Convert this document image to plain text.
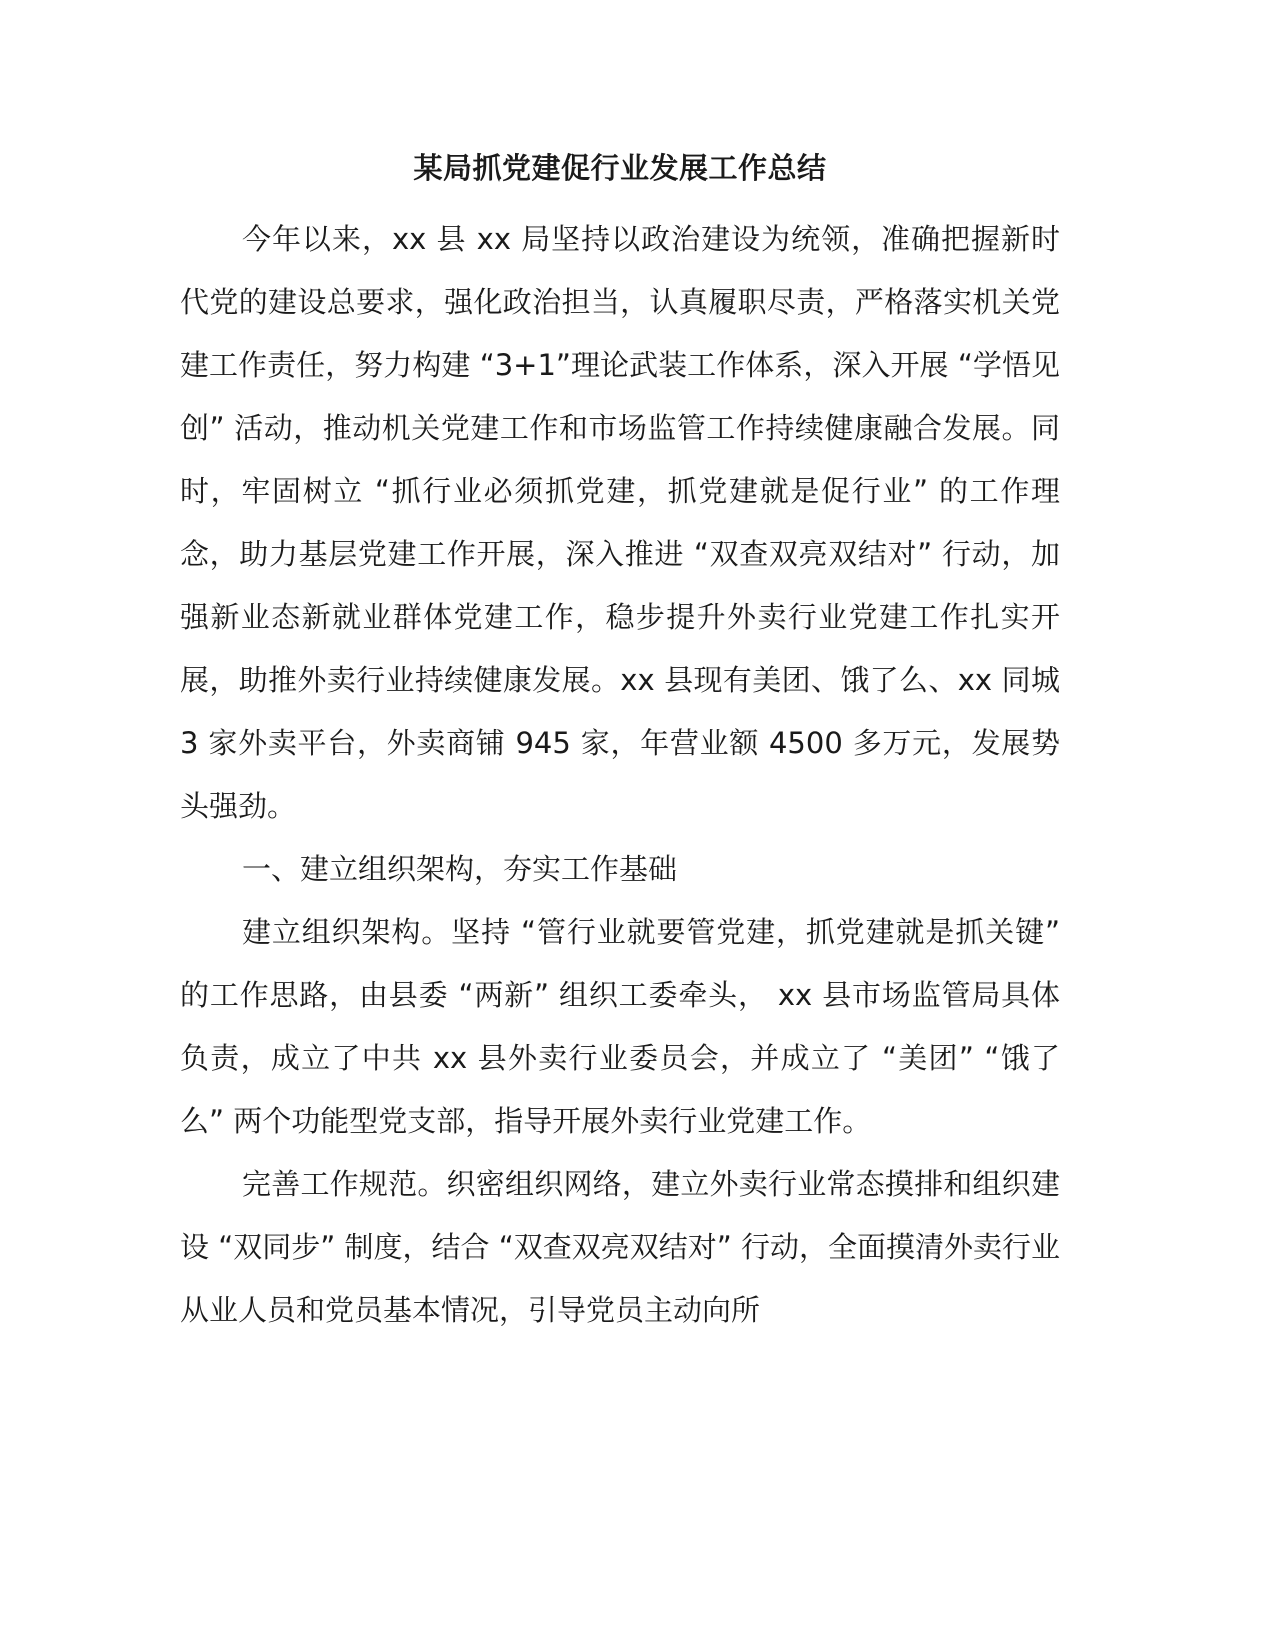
某局抓党建促行业发展工作总结

今年以来，xx 县 xx 局坚持以政治建设为统领，准确把握新时代党的建设总要求，强化政治担当，认真履职尽责，严格落实机关党建工作责任，努力构建 “3+1”理论武装工作体系，深入开展 “学悟见创” 活动，推动机关党建工作和市场监管工作持续健康融合发展。同时，牢固树立 “抓行业必须抓党建，抓党建就是促行业” 的工作理念，助力基层党建工作开展，深入推进 “双查双亮双结对” 行动，加强新业态新就业群体党建工作，稳步提升外卖行业党建工作扎实开展，助推外卖行业持续健康发展。xx 县现有美团、饿了么、xx 同城 3 家外卖平台，外卖商铺 945 家，年营业额 4500 多万元，发展势头强劲。

一、建立组织架构，夯实工作基础

建立组织架构。坚持 “管行业就要管党建，抓党建就是抓关键” 的工作思路，由县委 “两新” 组织工委牵头， xx 县市场监管局具体负责，成立了中共 xx 县外卖行业委员会，并成立了 “美团” “饿了么” 两个功能型党支部，指导开展外卖行业党建工作。

完善工作规范。织密组织网络，建立外卖行业常态摸排和组织建设 “双同步” 制度，结合 “双查双亮双结对” 行动，全面摸清外卖行业从业人员和党员基本情况，引导党员主动向所
